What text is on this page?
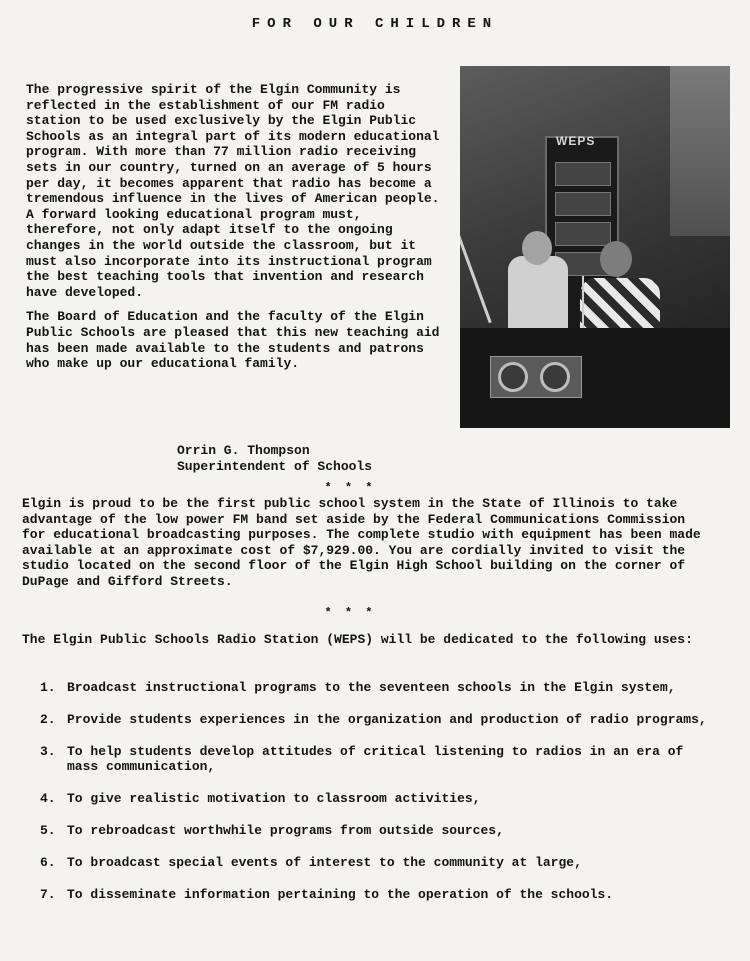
FOR OUR CHILDREN

The progressive spirit of the Elgin Community is reflected in the establishment of our FM radio station to be used exclusively by the Elgin Public Schools as an integral part of its modern educational program. With more than 77 million radio receiving sets in our country, turned on an average of 5 hours per day, it becomes apparent that radio has become a tremendous influence in the lives of American people. A forward looking educational program must, therefore, not only adapt itself to the ongoing changes in the world outside the classroom, but it must also incorporate into its instructional program the best teaching tools that invention and research have developed.

The Board of Education and the faculty of the Elgin Public Schools are pleased that this new teaching aid has been made available to the students and patrons who make up our educational family.

Orrin G. Thompson
Superintendent of Schools
WEPS
* * *
Elgin is proud to be the first public school system in the State of Illinois to take advantage of the low power FM band set aside by the Federal Communications Commission for educational broadcasting purposes. The complete studio with equipment has been made available at an approximate cost of $7,929.00. You are cordially invited to visit the studio located on the second floor of the Elgin High School building on the corner of DuPage and Gifford Streets.
* * *
The Elgin Public Schools Radio Station (WEPS) will be dedicated to the following uses:
1. Broadcast instructional programs to the seventeen schools in the Elgin system,
2. Provide students experiences in the organization and production of radio programs,
3. To help students develop attitudes of critical listening to radios in an era of mass communication,
4. To give realistic motivation to classroom activities,
5. To rebroadcast worthwhile programs from outside sources,
6. To broadcast special events of interest to the community at large,
7. To disseminate information pertaining to the operation of the schools.
